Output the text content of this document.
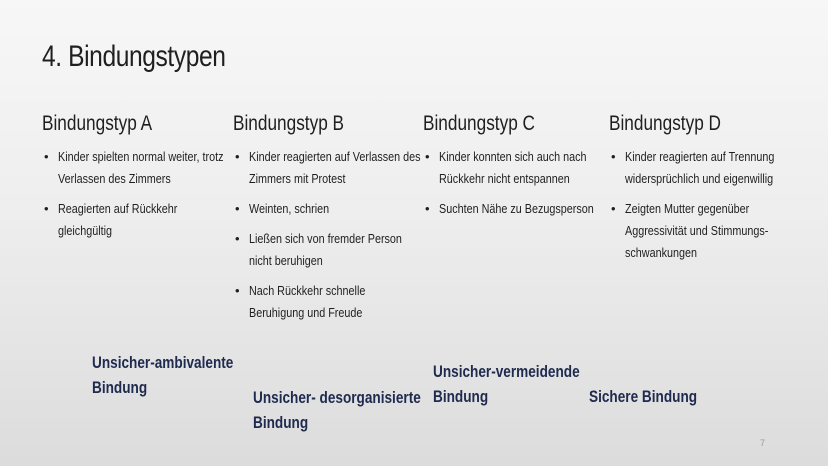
4. Bindungstypen
Bindungstyp A
• Kinder spielten normal weiter, trotz Verlassen des Zimmers
• Reagierten auf Rückkehr gleichgültig
Bindungstyp B
• Kinder reagierten auf Verlassen des Zimmers mit Protest
• Weinten, schrien
• Ließen sich von fremder Person nicht beruhigen
• Nach Rückkehr schnelle Beruhigung und Freude
Bindungstyp C
• Kinder konnten sich auch nach Rückkehr nicht entspannen
• Suchten Nähe zu Bezugsperson
Bindungstyp D
• Kinder reagierten auf Trennung widersprüchlich und eigenwillig
• Zeigten Mutter gegenüber Aggressivität und Stimmungs-schwankungen
Unsicher-ambivalente Bindung
Unsicher- desorganisierte Bindung
Unsicher-vermeidende Bindung	Sichere Bindung
7
